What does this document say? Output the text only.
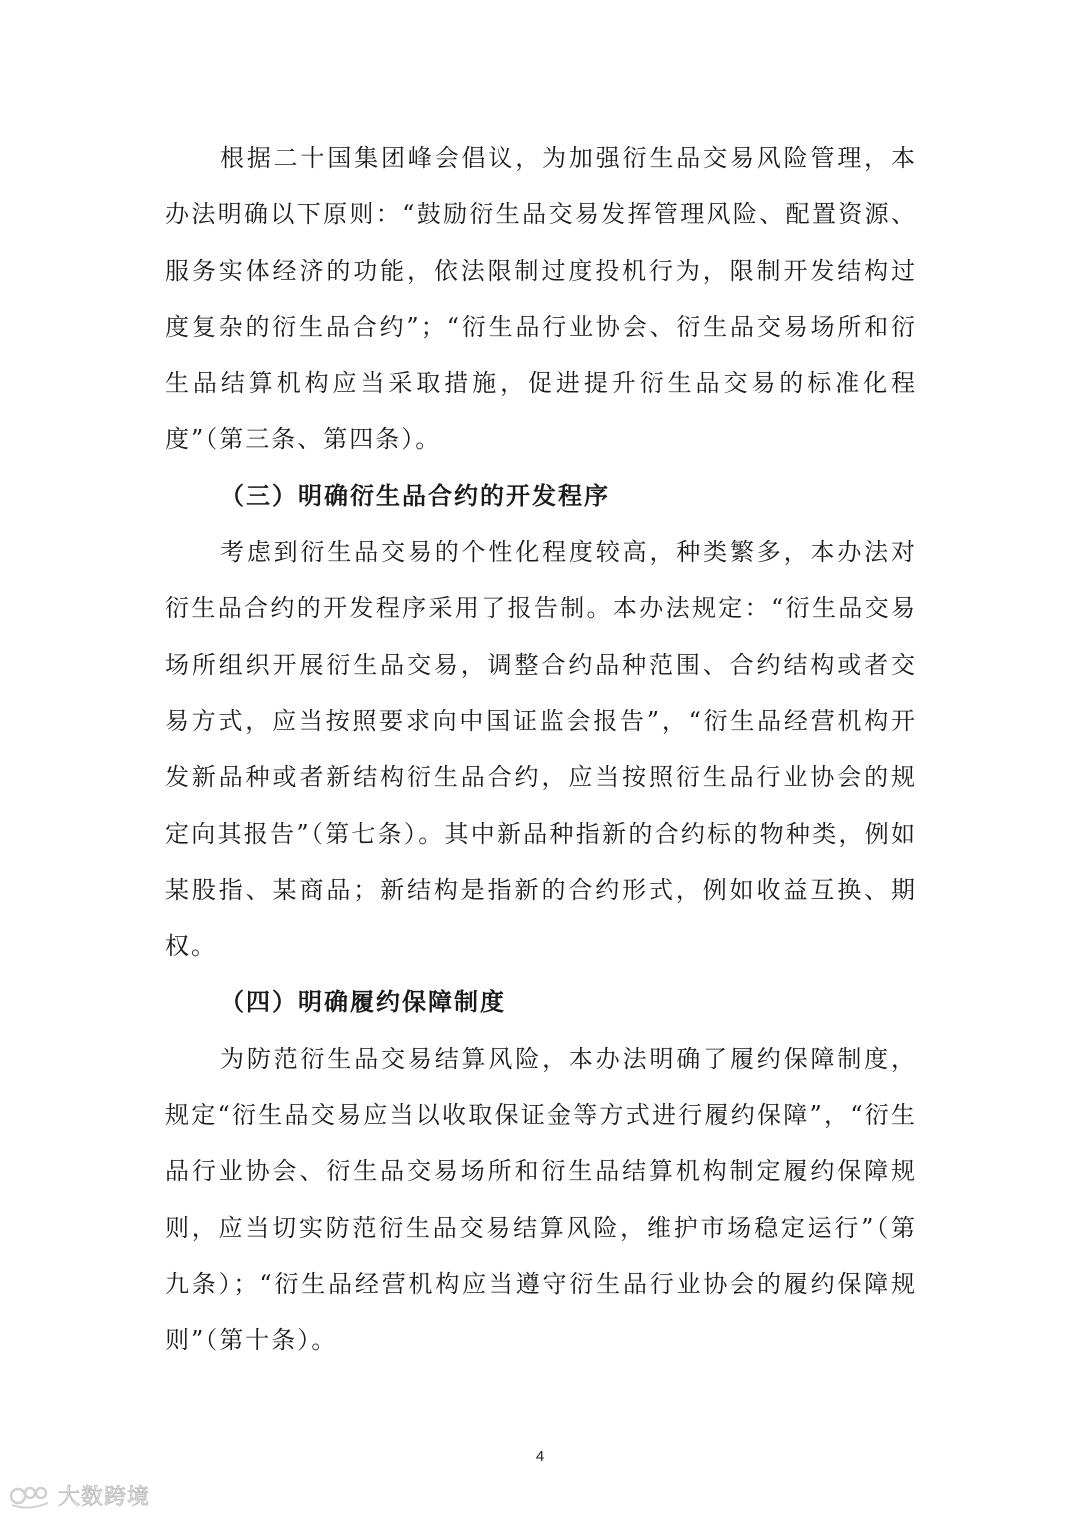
根据二十国集团峰会倡议，为加强衍生品交易风险管理，本办法明确以下原则：“鼓励衍生品交易发挥管理风险、配置资源、服务实体经济的功能，依法限制过度投机行为，限制开发结构过度复杂的衍生品合约”；“衍生品行业协会、衍生品交易场所和衍生品结算机构应当采取措施，促进提升衍生品交易的标准化程度”（第三条、第四条）。

（三）明确衍生品合约的开发程序

考虑到衍生品交易的个性化程度较高，种类繁多，本办法对衍生品合约的开发程序采用了报告制。本办法规定：“衍生品交易场所组织开展衍生品交易，调整合约品种范围、合约结构或者交易方式，应当按照要求向中国证监会报告”，“衍生品经营机构开发新品种或者新结构衍生品合约，应当按照衍生品行业协会的规定向其报告”（第七条）。其中新品种指新的合约标的物种类，例如某股指、某商品；新结构是指新的合约形式，例如收益互换、期权。

（四）明确履约保障制度

为防范衍生品交易结算风险，本办法明确了履约保障制度，规定“衍生品交易应当以收取保证金等方式进行履约保障”，“衍生品行业协会、衍生品交易场所和衍生品结算机构制定履约保障规则，应当切实防范衍生品交易结算风险，维护市场稳定运行”（第九条）；“衍生品经营机构应当遵守衍生品行业协会的履约保障规则”（第十条）。

4
大数跨境
